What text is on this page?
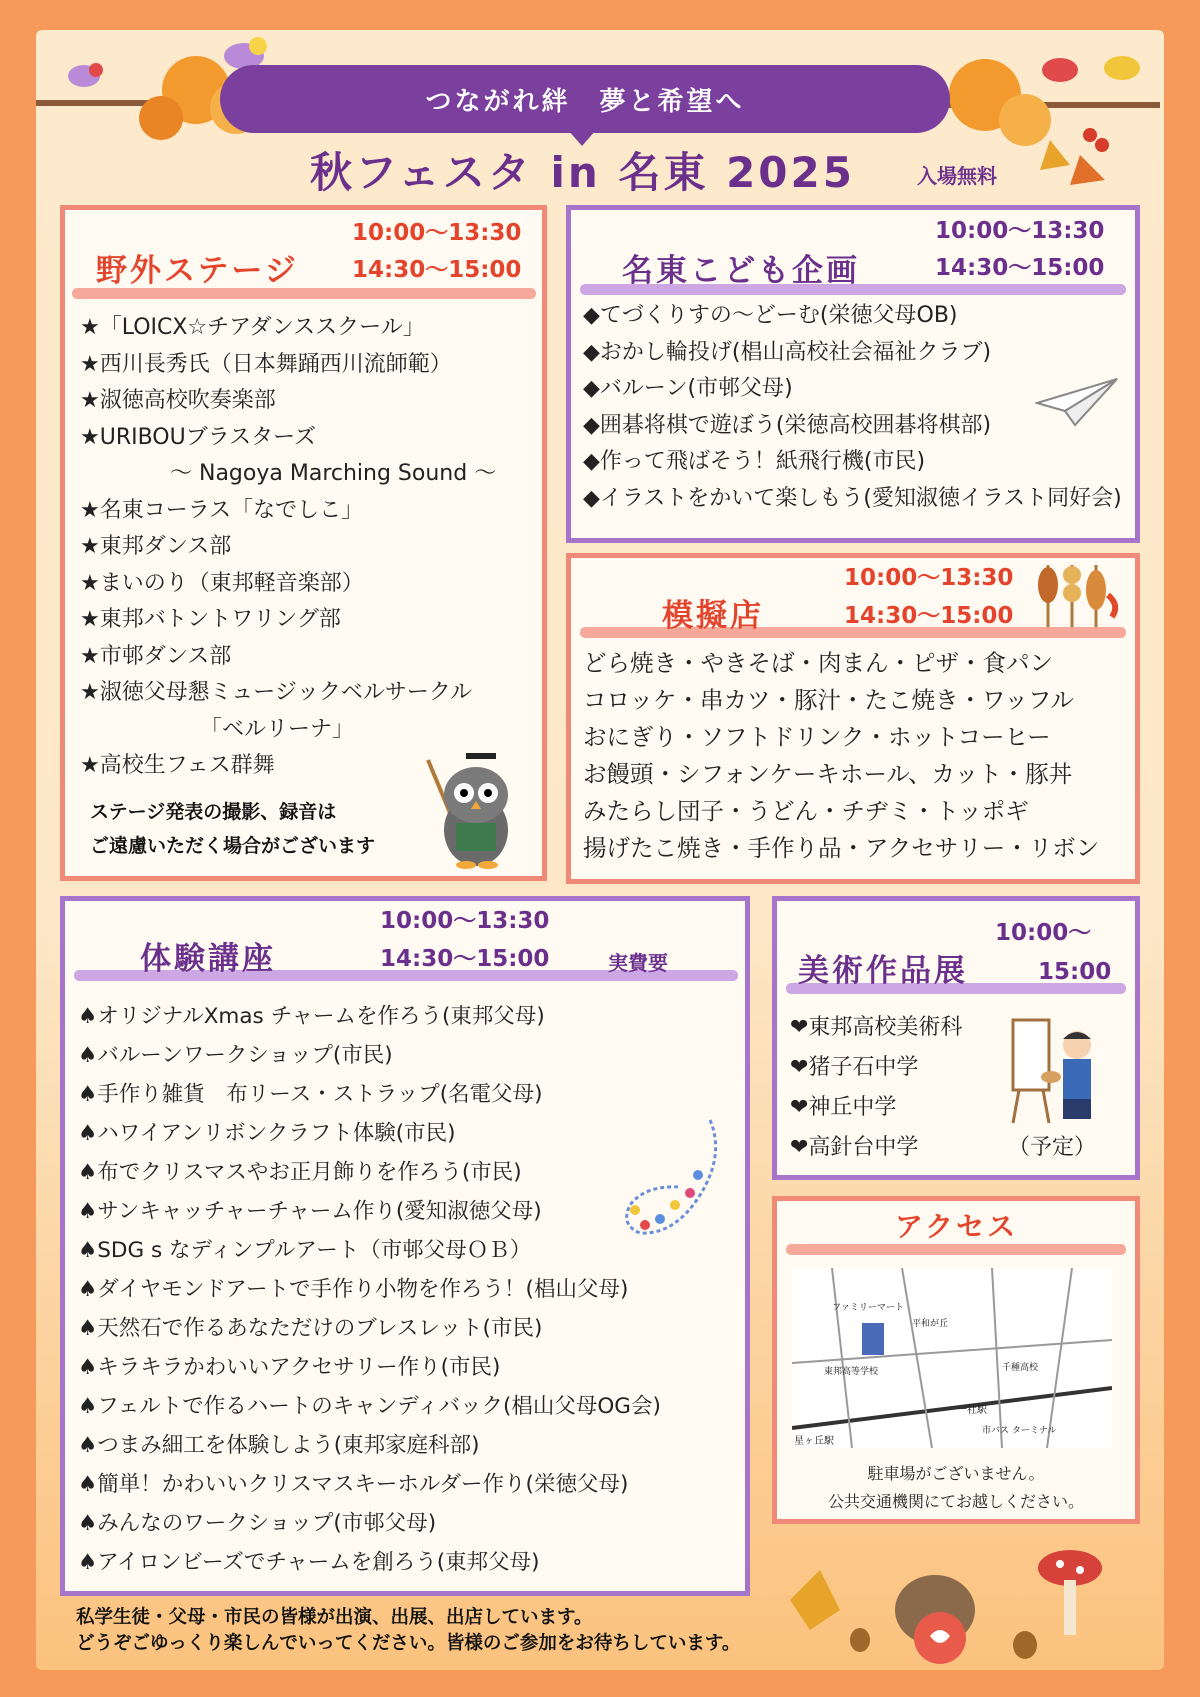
つながれ絆　夢と希望へ
秋フェスタ in 名東 2025	入場無料
野外ステージ
10:00～13:30
14:30～15:00
★「LOICX☆チアダンススクール」
★西川長秀氏（日本舞踊西川流師範）
★淑徳高校吹奏楽部
★URIBOUブラスターズ
～ Nagoya Marching Sound ～
★名東コーラス「なでしこ」
★東邦ダンス部
★まいのり（東邦軽音楽部）
★東邦バトントワリング部
★市邨ダンス部
★淑徳父母懇ミュージックベルサークル
「ベルリーナ」
★高校生フェス群舞
ステージ発表の撮影、録音は
ご遠慮いただく場合がございます
名東こども企画
10:00～13:30
14:30～15:00
◆てづくりすの～どーむ(栄徳父母OB)
◆おかし輪投げ(椙山高校社会福祉クラブ)
◆バルーン(市邨父母)
◆囲碁将棋で遊ぼう(栄徳高校囲碁将棋部)
◆作って飛ばそう！紙飛行機(市民)
◆イラストをかいて楽しもう(愛知淑徳イラスト同好会)
模擬店
10:00～13:30
14:30～15:00
どら焼き・やきそば・肉まん・ピザ・食パン
コロッケ・串カツ・豚汁・たこ焼き・ワッフル
おにぎり・ソフトドリンク・ホットコーヒー
お饅頭・シフォンケーキホール、カット・豚丼
みたらし団子・うどん・チヂミ・トッポギ
揚げたこ焼き・手作り品・アクセサリー・リボン
体験講座
10:00～13:30
14:30～15:00	実費要
♠オリジナルXmas チャームを作ろう(東邦父母)
♠バルーンワークショップ(市民)
♠手作り雑貨　布リース・ストラップ(名電父母)
♠ハワイアンリボンクラフト体験(市民)
♠布でクリスマスやお正月飾りを作ろう(市民)
♠サンキャッチャーチャーム作り(愛知淑徳父母)
♠SDG s なディンプルアート（市邨父母ＯＢ）
♠ダイヤモンドアートで手作り小物を作ろう！(椙山父母)
♠天然石で作るあなただけのブレスレット(市民)
♠キラキラかわいいアクセサリー作り(市民)
♠フェルトで作るハートのキャンディバック(椙山父母OG会)
♠つまみ細工を体験しよう(東邦家庭科部)
♠簡単！かわいいクリスマスキーホルダー作り(栄徳父母)
♠みんなのワークショップ(市邨父母)
♠アイロンビーズでチャームを創ろう(東邦父母)
美術作品展
10:00～
15:00
❤東邦高校美術科
❤猪子石中学
❤神丘中学
❤高針台中学	（予定）
アクセス
東邦高等学校
ファミリーマート
平和が丘
千種高校
市バス ターミナル
一社駅
星ヶ丘駅
駐車場がございません。
公共交通機関にてお越しください。
私学生徒・父母・市民の皆様が出演、出展、出店しています。
どうぞごゆっくり楽しんでいってください。皆様のご参加をお待ちしています。
